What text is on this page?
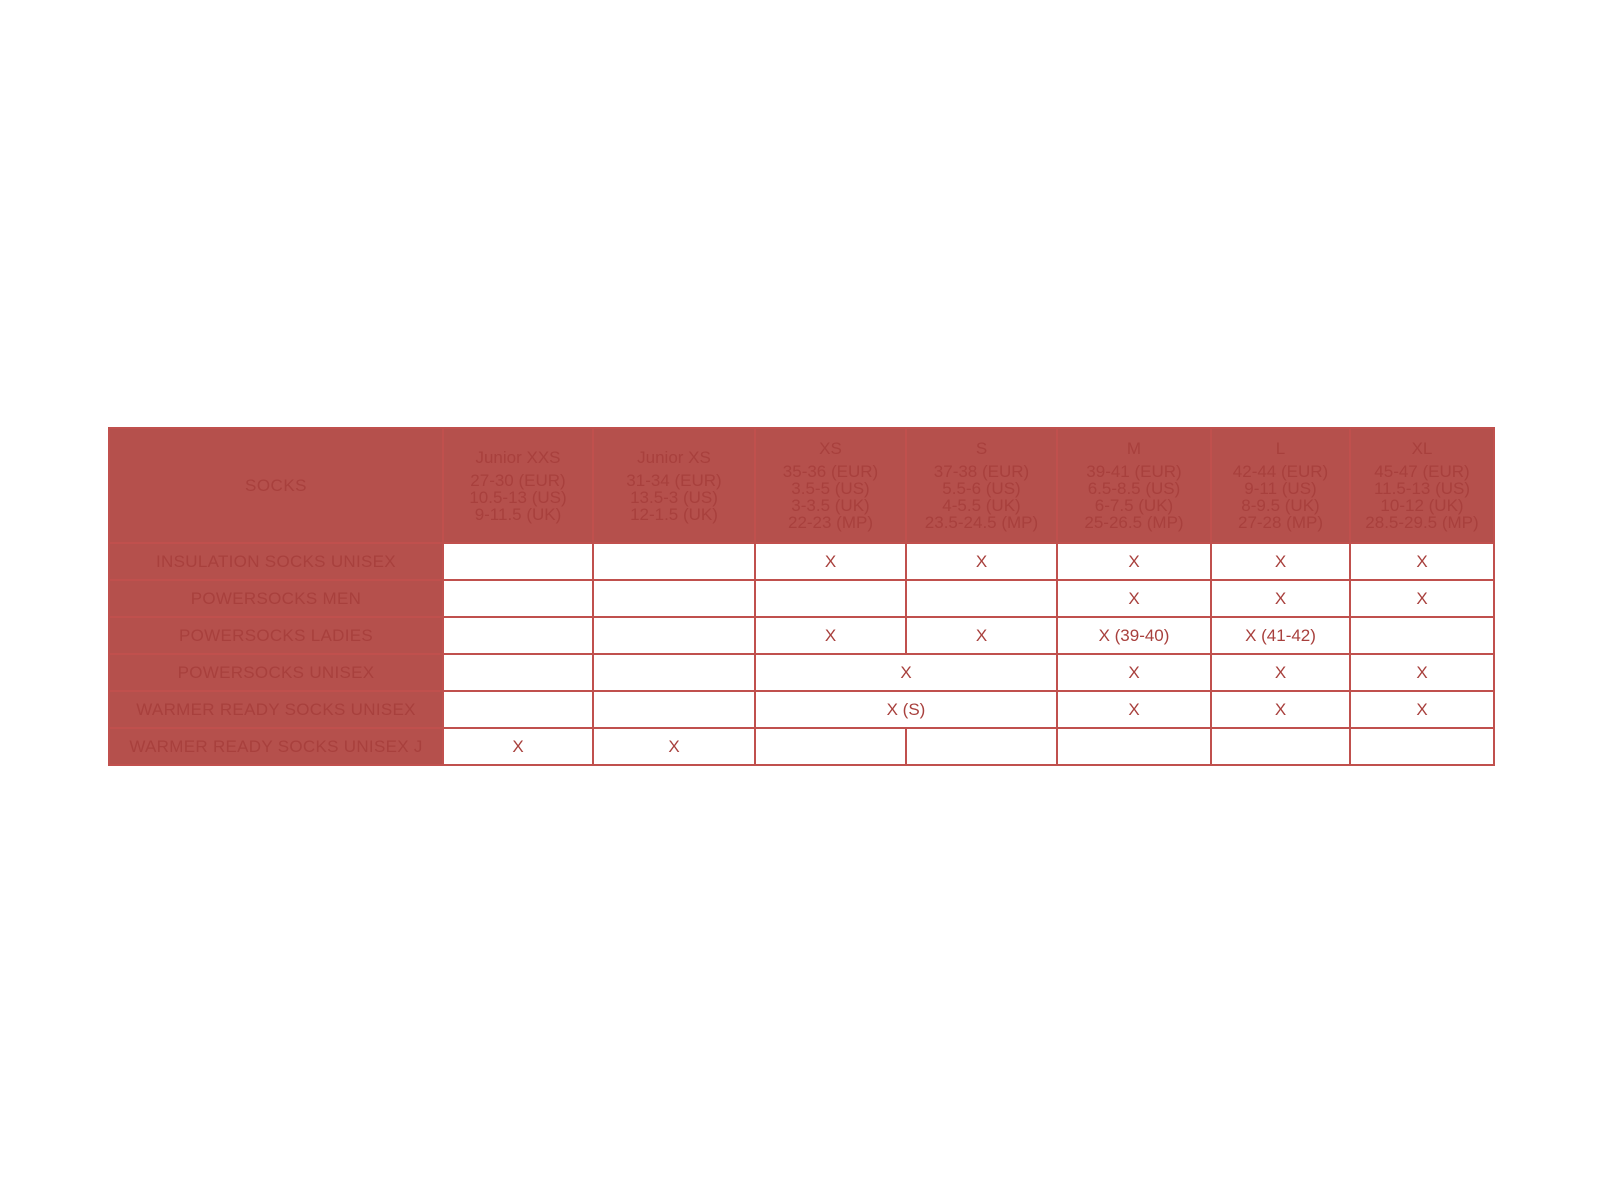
SOCKS	Junior XXS
27-30 (EUR)
10.5-13 (US)
9-11.5 (UK)	Junior XS
31-34 (EUR)
13.5-3 (US)
12-1.5 (UK)	XS
35-36 (EUR)
3.5-5 (US)
3-3.5 (UK)
22-23 (MP)	S
37-38 (EUR)
5.5-6 (US)
4-5.5 (UK)
23.5-24.5 (MP)	M
39-41 (EUR)
6.5-8.5 (US)
6-7.5 (UK)
25-26.5 (MP)	L
42-44 (EUR)
9-11 (US)
8-9.5 (UK)
27-28 (MP)	XL
45-47 (EUR)
11.5-13 (US)
10-12 (UK)
28.5-29.5 (MP)

INSULATION SOCKS UNISEX			X	X	X	X	X
POWERSOCKS MEN					X	X	X
POWERSOCKS LADIES			X	X	X (39-40)	X (41-42)	
POWERSOCKS UNISEX			X		X	X	X
WARMER READY SOCKS UNISEX			X (S)		X	X	X
WARMER READY SOCKS UNISEX J	X	X					
